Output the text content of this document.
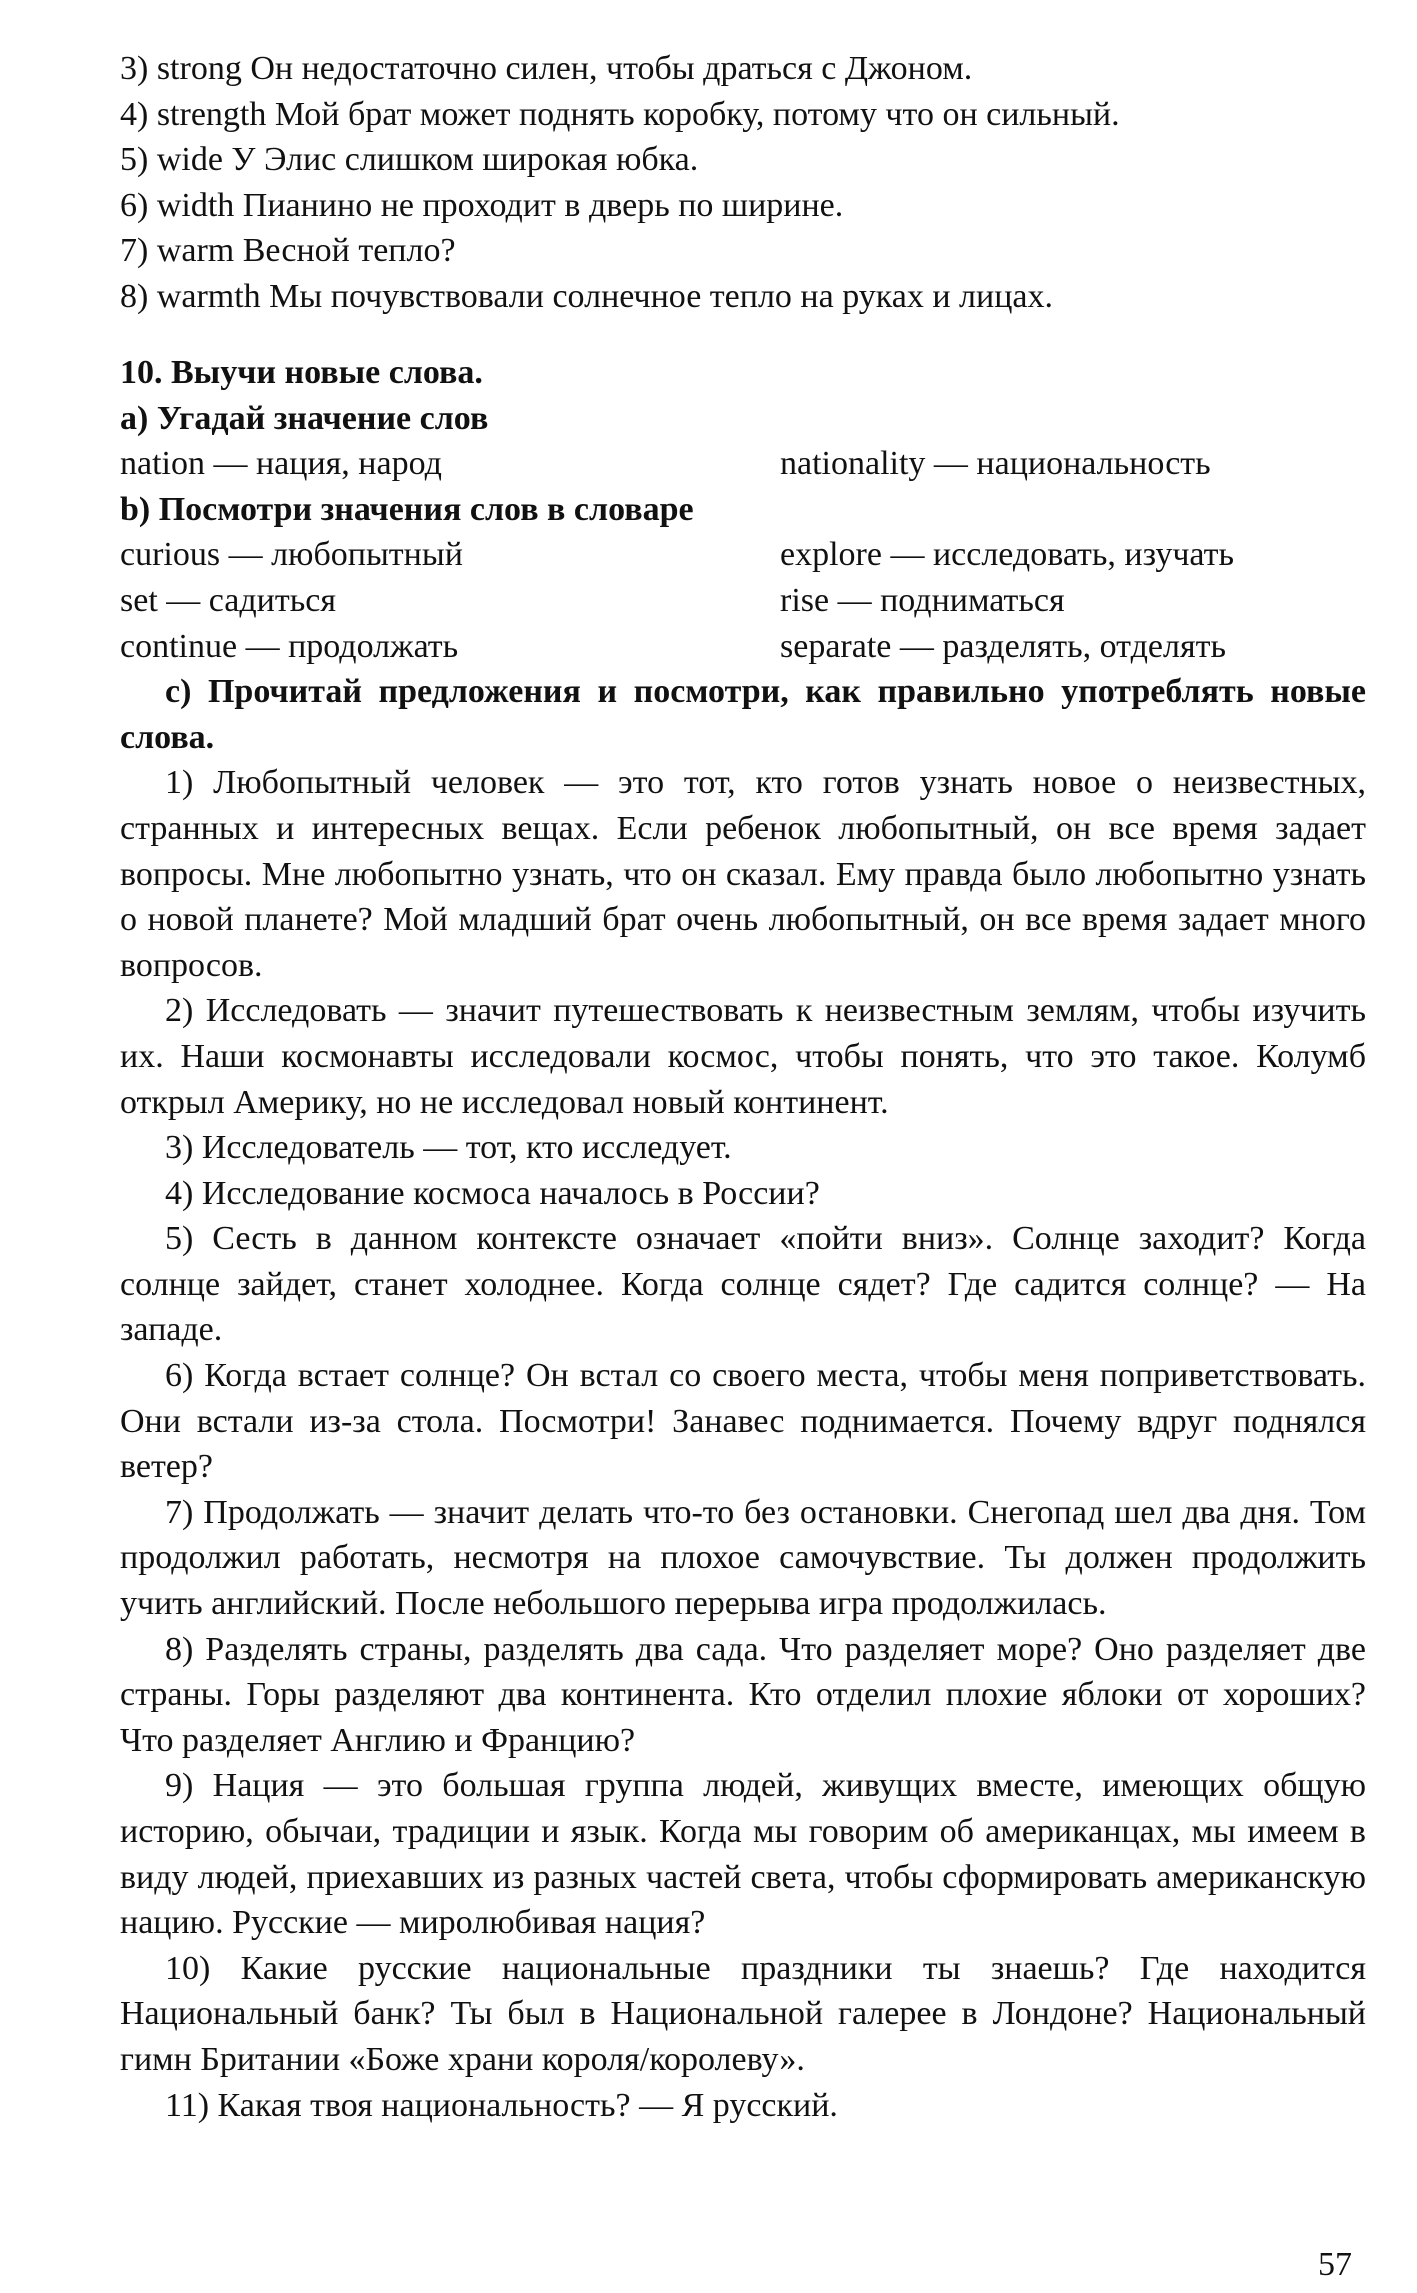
3) strong Он недостаточно силен, чтобы драться с Джоном.
4) strength Мой брат может поднять коробку, потому что он сильный.
5) wide У Элис слишком широкая юбка.
6) width Пианино не проходит в дверь по ширине.
7) warm Весной тепло?
8) warmth Мы почувствовали солнечное тепло на руках и лицах.
10. Выучи новые слова.
a) Угадай значение слов
nation — нация, народ	nationality — национальность
b) Посмотри значения слов в словаре
curious — любопытный	explore — исследовать, изучать
set — садиться	rise — подниматься
continue — продолжать	separate — разделять, отделять

c) Прочитай предложения и посмотри, как правильно употреблять новые слова.

1) Любопытный человек — это тот, кто готов узнать новое о неизвестных, странных и интересных вещах. Если ребенок любопытный, он все время задает вопросы. Мне любопытно узнать, что он сказал. Ему правда было любопытно узнать о новой планете? Мой младший брат очень любопытный, он все время задает много вопросов.

2) Исследовать — значит путешествовать к неизвестным землям, чтобы изучить их. Наши космонавты исследовали космос, чтобы понять, что это такое. Колумб открыл Америку, но не исследовал новый континент.

3) Исследователь — тот, кто исследует.

4) Исследование космоса началось в России?

5) Сесть в данном контексте означает «пойти вниз». Солнце заходит? Когда солнце зайдет, станет холоднее. Когда солнце сядет? Где садится солнце? — На западе.

6) Когда встает солнце? Он встал со своего места, чтобы меня поприветствовать. Они встали из-за стола. Посмотри! Занавес поднимается. Почему вдруг поднялся ветер?

7) Продолжать — значит делать что-то без остановки. Снегопад шел два дня. Том продолжил работать, несмотря на плохое самочувствие. Ты должен продолжить учить английский. После небольшого перерыва игра продолжилась.

8) Разделять страны, разделять два сада. Что разделяет море? Оно разделяет две страны. Горы разделяют два континента. Кто отделил плохие яблоки от хороших? Что разделяет Англию и Францию?

9) Нация — это большая группа людей, живущих вместе, имеющих общую историю, обычаи, традиции и язык. Когда мы говорим об американцах, мы имеем в виду людей, приехавших из разных частей света, чтобы сформировать американскую нацию. Русские — миролюбивая нация?

10) Какие русские национальные праздники ты знаешь? Где находится Национальный банк? Ты был в Национальной галерее в Лондоне? Национальный гимн Британии «Боже храни короля/королеву».

11) Какая твоя национальность? — Я русский.

57
